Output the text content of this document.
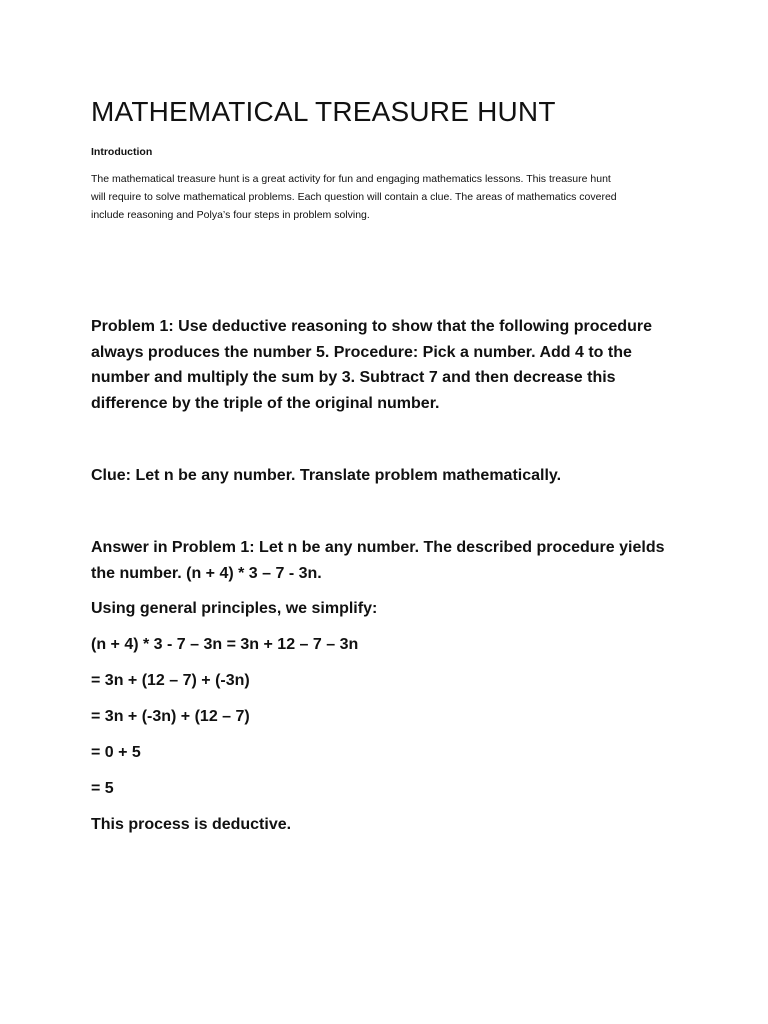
MATHEMATICAL TREASURE HUNT
Introduction

The mathematical treasure hunt is a great activity for fun and engaging mathematics lessons. This treasure hunt
will require to solve mathematical problems. Each question will contain a clue. The areas of mathematics covered
include reasoning and Polya’s four steps in problem solving.

Problem 1: Use deductive reasoning to show that the following procedure
always produces the number 5. Procedure: Pick a number. Add 4 to the
number and multiply the sum by 3. Subtract 7 and then decrease this
difference by the triple of the original number.

Clue: Let n be any number. Translate problem mathematically.

Answer in Problem 1: Let n be any number. The described procedure yields
the number. (n + 4) * 3 – 7 - 3n.

Using general principles, we simplify:

(n + 4) * 3 - 7 – 3n = 3n + 12 – 7 – 3n

= 3n + (12 – 7) + (-3n)

= 3n + (-3n) + (12 – 7)

= 0 + 5

= 5

This process is deductive.
